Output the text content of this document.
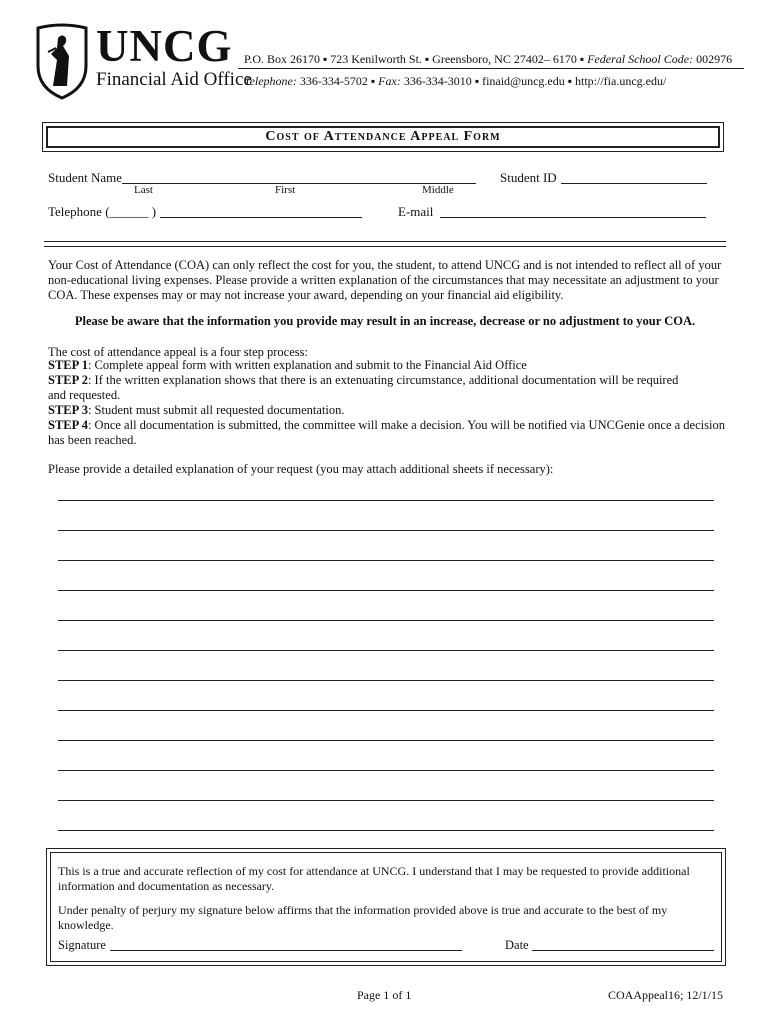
UNCG
Financial Aid Office
P.O. Box 26170 ▪ 723 Kenilworth St. ▪ Greensboro, NC 27402– 6170 ▪ Federal School Code: 002976
Telephone: 336-334-5702 ▪ Fax: 336-334-3010 ▪ finaid@uncg.edu ▪ http://fia.uncg.edu/
Cost of Attendance Appeal Form
Student Name
Last	First	Middle
Student ID
Telephone (______ )	E-mail
Your Cost of Attendance (COA) can only reflect the cost for you, the student, to attend UNCG and is not intended to reflect all of your non-educational living expenses. Please provide a written explanation of the circumstances that may necessitate an adjustment to your COA. These expenses may or may not increase your award, depending on your financial aid eligibility.
Please be aware that the information you provide may result in an increase, decrease or no adjustment to your COA.
The cost of attendance appeal is a four step process:
STEP 1: Complete appeal form with written explanation and submit to the Financial Aid Office
STEP 2: If the written explanation shows that there is an extenuating circumstance, additional documentation will be required and requested.
STEP 3: Student must submit all requested documentation.
STEP 4: Once all documentation is submitted, the committee will make a decision. You will be notified via UNCGenie once a decision has been reached.
Please provide a detailed explanation of your request (you may attach additional sheets if necessary):
This is a true and accurate reflection of my cost for attendance at UNCG. I understand that I may be requested to provide additional information and documentation as necessary.
Under penalty of perjury my signature below affirms that the information provided above is true and accurate to the best of my knowledge.
Signature	Date
Page 1 of 1	COAAppeal16; 12/1/15
